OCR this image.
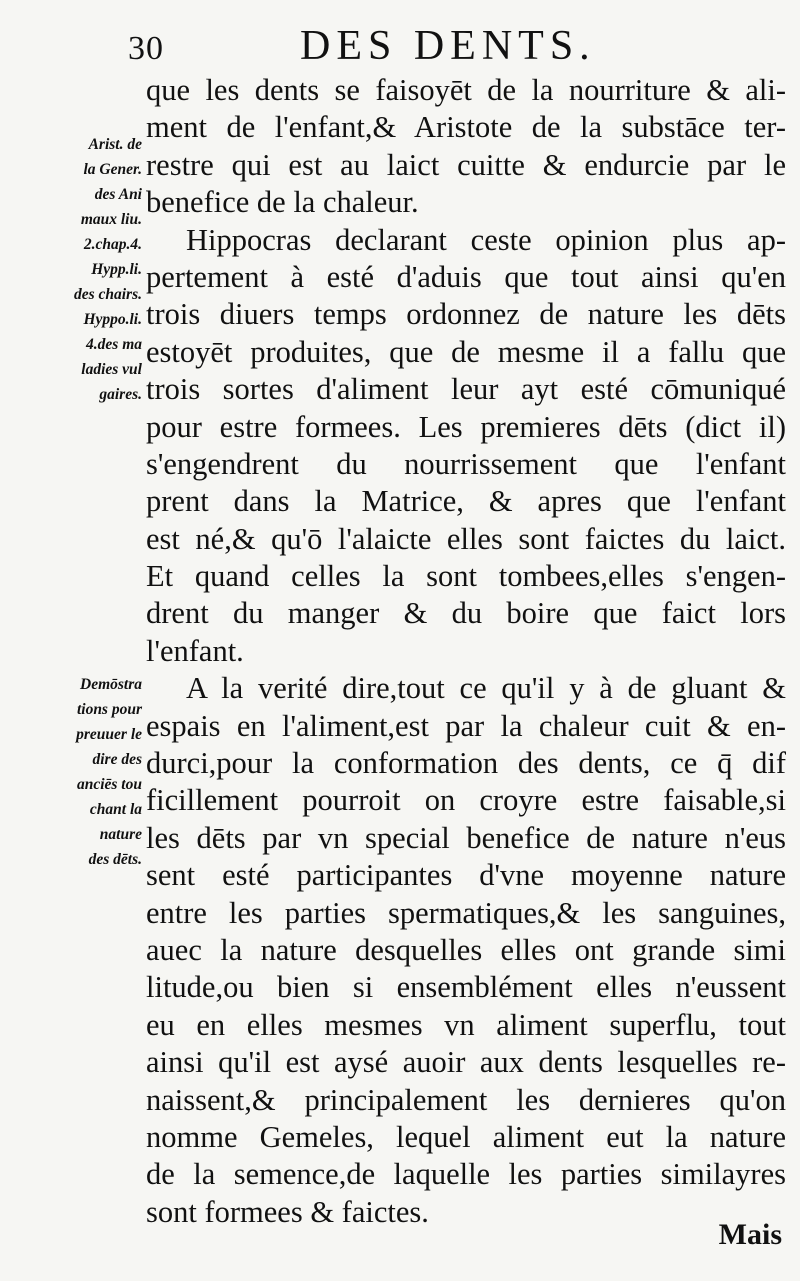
30	DES DENTS.
Arist. de
la Gener.
des Ani
maux liu.
2.chap.4.
Hypp.li.
des chairs.
Hyppo.li.
4.des ma
ladies vul
gaires.
Demōstra
tions pour
preuuer le
dire des
anciēs tou
chant la
nature
des dēts.
que les dents se faisoyēt de la nourriture & ali-
ment de l'enfant,& Aristote de la substāce ter-
restre qui est au laict cuitte & endurcie par le
benefice de la chaleur.
Hippocras declarant ceste opinion plus ap-
pertement à esté d'aduis que tout ainsi qu'en
trois diuers temps ordonnez de nature les dēts
estoyēt produites, que de mesme il a fallu que
trois sortes d'aliment leur ayt esté cōmuniqué
pour estre formees. Les premieres dēts (dict il)
s'engendrent du nourrissement que l'enfant
prent dans la Matrice, & apres que l'enfant
est né,& qu'ō l'alaicte elles sont faictes du laict.
Et quand celles la sont tombees,elles s'engen-
drent du manger & du boire que faict lors
l'enfant.
A la verité dire,tout ce qu'il y à de gluant &
espais en l'aliment,est par la chaleur cuit & en-
durci,pour la conformation des dents, ce q̄ dif
ficillement pourroit on croyre estre faisable,si
les dēts par vn special benefice de nature n'eus
sent esté participantes d'vne moyenne nature
entre les parties spermatiques,& les sanguines,
auec la nature desquelles elles ont grande simi
litude,ou bien si ensemblément elles n'eussent
eu en elles mesmes vn aliment superflu, tout
ainsi qu'il est aysé auoir aux dents lesquelles re-
naissent,& principalement les dernieres qu'on
nomme Gemeles, lequel aliment eut la nature
de la semence,de laquelle les parties similayres
sont formees & faictes.
Mais
